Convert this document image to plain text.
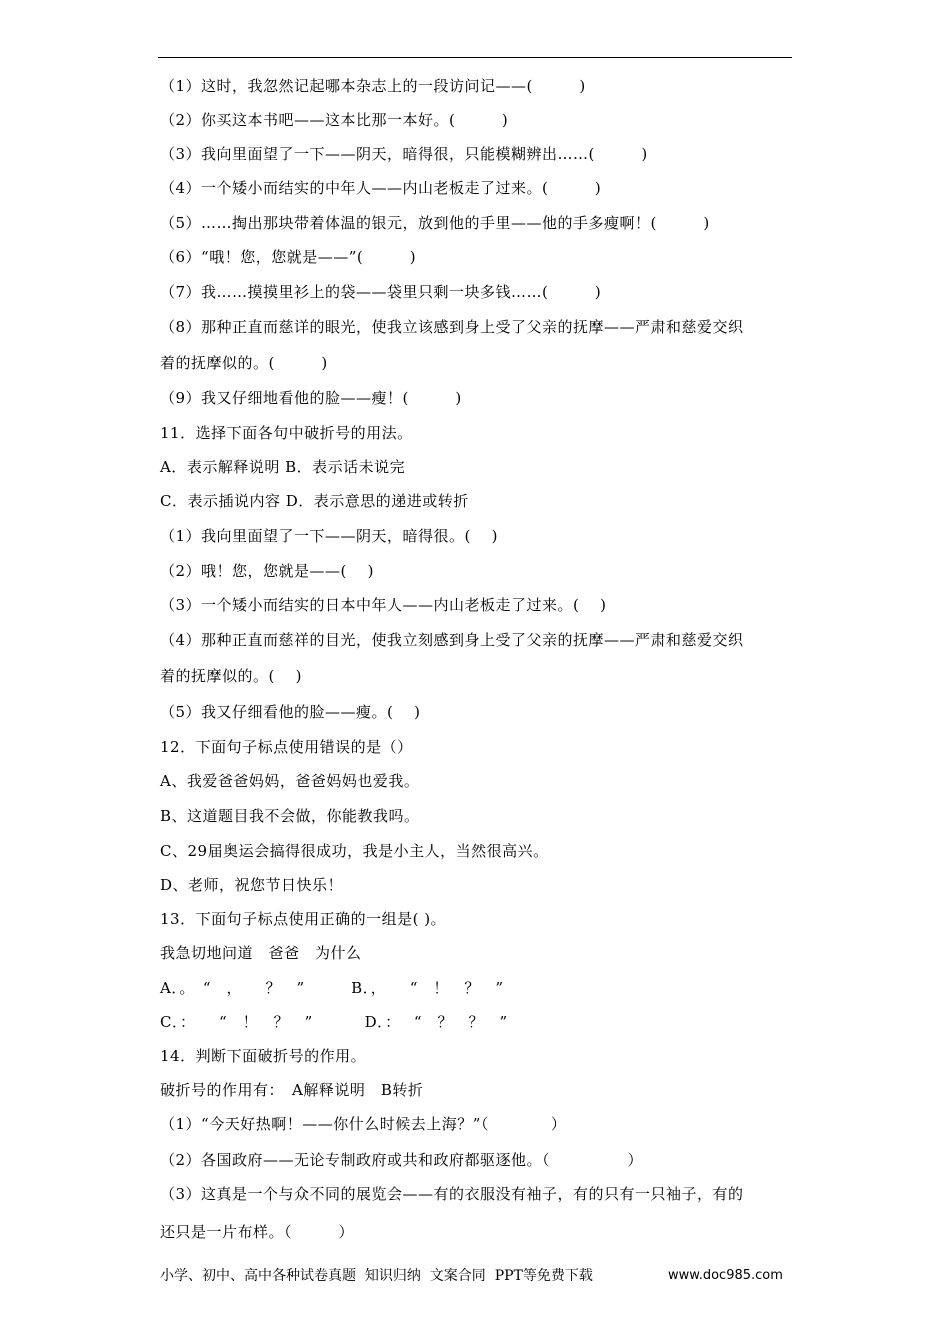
（1）这时，我忽然记起哪本杂志上的一段访问记——(　　　)
（2）你买这本书吧——这本比那一本好。(　　　)
（3）我向里面望了一下——阴天，暗得很，只能模糊辨出……(　　　)
（4）一个矮小而结实的中年人——内山老板走了过来。(　　　)
（5）……掏出那块带着体温的银元，放到他的手里——他的手多瘦啊！(　　　)
（6）“哦！您，您就是——”(　　　)
（7）我……摸摸里衫上的袋——袋里只剩一块多钱……(　　　)
（8）那种正直而慈详的眼光，使我立该感到身上受了父亲的抚摩——严肃和慈爱交织
着的抚摩似的。(　　　)
（9）我又仔细地看他的脸——瘦！(　　　)
11．选择下面各句中破折号的用法。
A．表示解释说明 B．表示话未说完
C．表示插说内容 D．表示意思的递进或转折
（1）我向里面望了一下——阴天，暗得很。(　 )
（2）哦！您，您就是——(　 )
（3）一个矮小而结实的日本中年人——内山老板走了过来。(　 )
（4）那种正直而慈祥的目光，使我立刻感到身上受了父亲的抚摩——严肃和慈爱交织
着的抚摩似的。(　 )
（5）我又仔细看他的脸——瘦。(　 )
12．下面句子标点使用错误的是（）
A、我爱爸爸妈妈，爸爸妈妈也爱我。
B、这道题目我不会做，你能教我吗。
C、29届奥运会搞得很成功，我是小主人，当然很高兴。
D、老师，祝您节日快乐！
13．下面句子标点使用正确的一组是( )。
我急切地问道　爸爸　为什么
A．。　“　，　　？　”　　　B．，　　“　！　？　”
C．：　　“　！　？　”　　　 D．：　 “　？　？　”
14．判断下面破折号的作用。
破折号的作用有：　A解释说明　B转折
（1）“今天好热啊！——你什么时候去上海？”（　　　　）
（2）各国政府——无论专制政府或共和政府都驱逐他。（　　　　　）
（3）这真是一个与众不同的展览会——有的衣服没有袖子，有的只有一只袖子，有的
还只是一片布样。（　　　）
小学、初中、高中各种试卷真题  知识归纳  文案合同  PPT等免费下载	www.doc985.com
